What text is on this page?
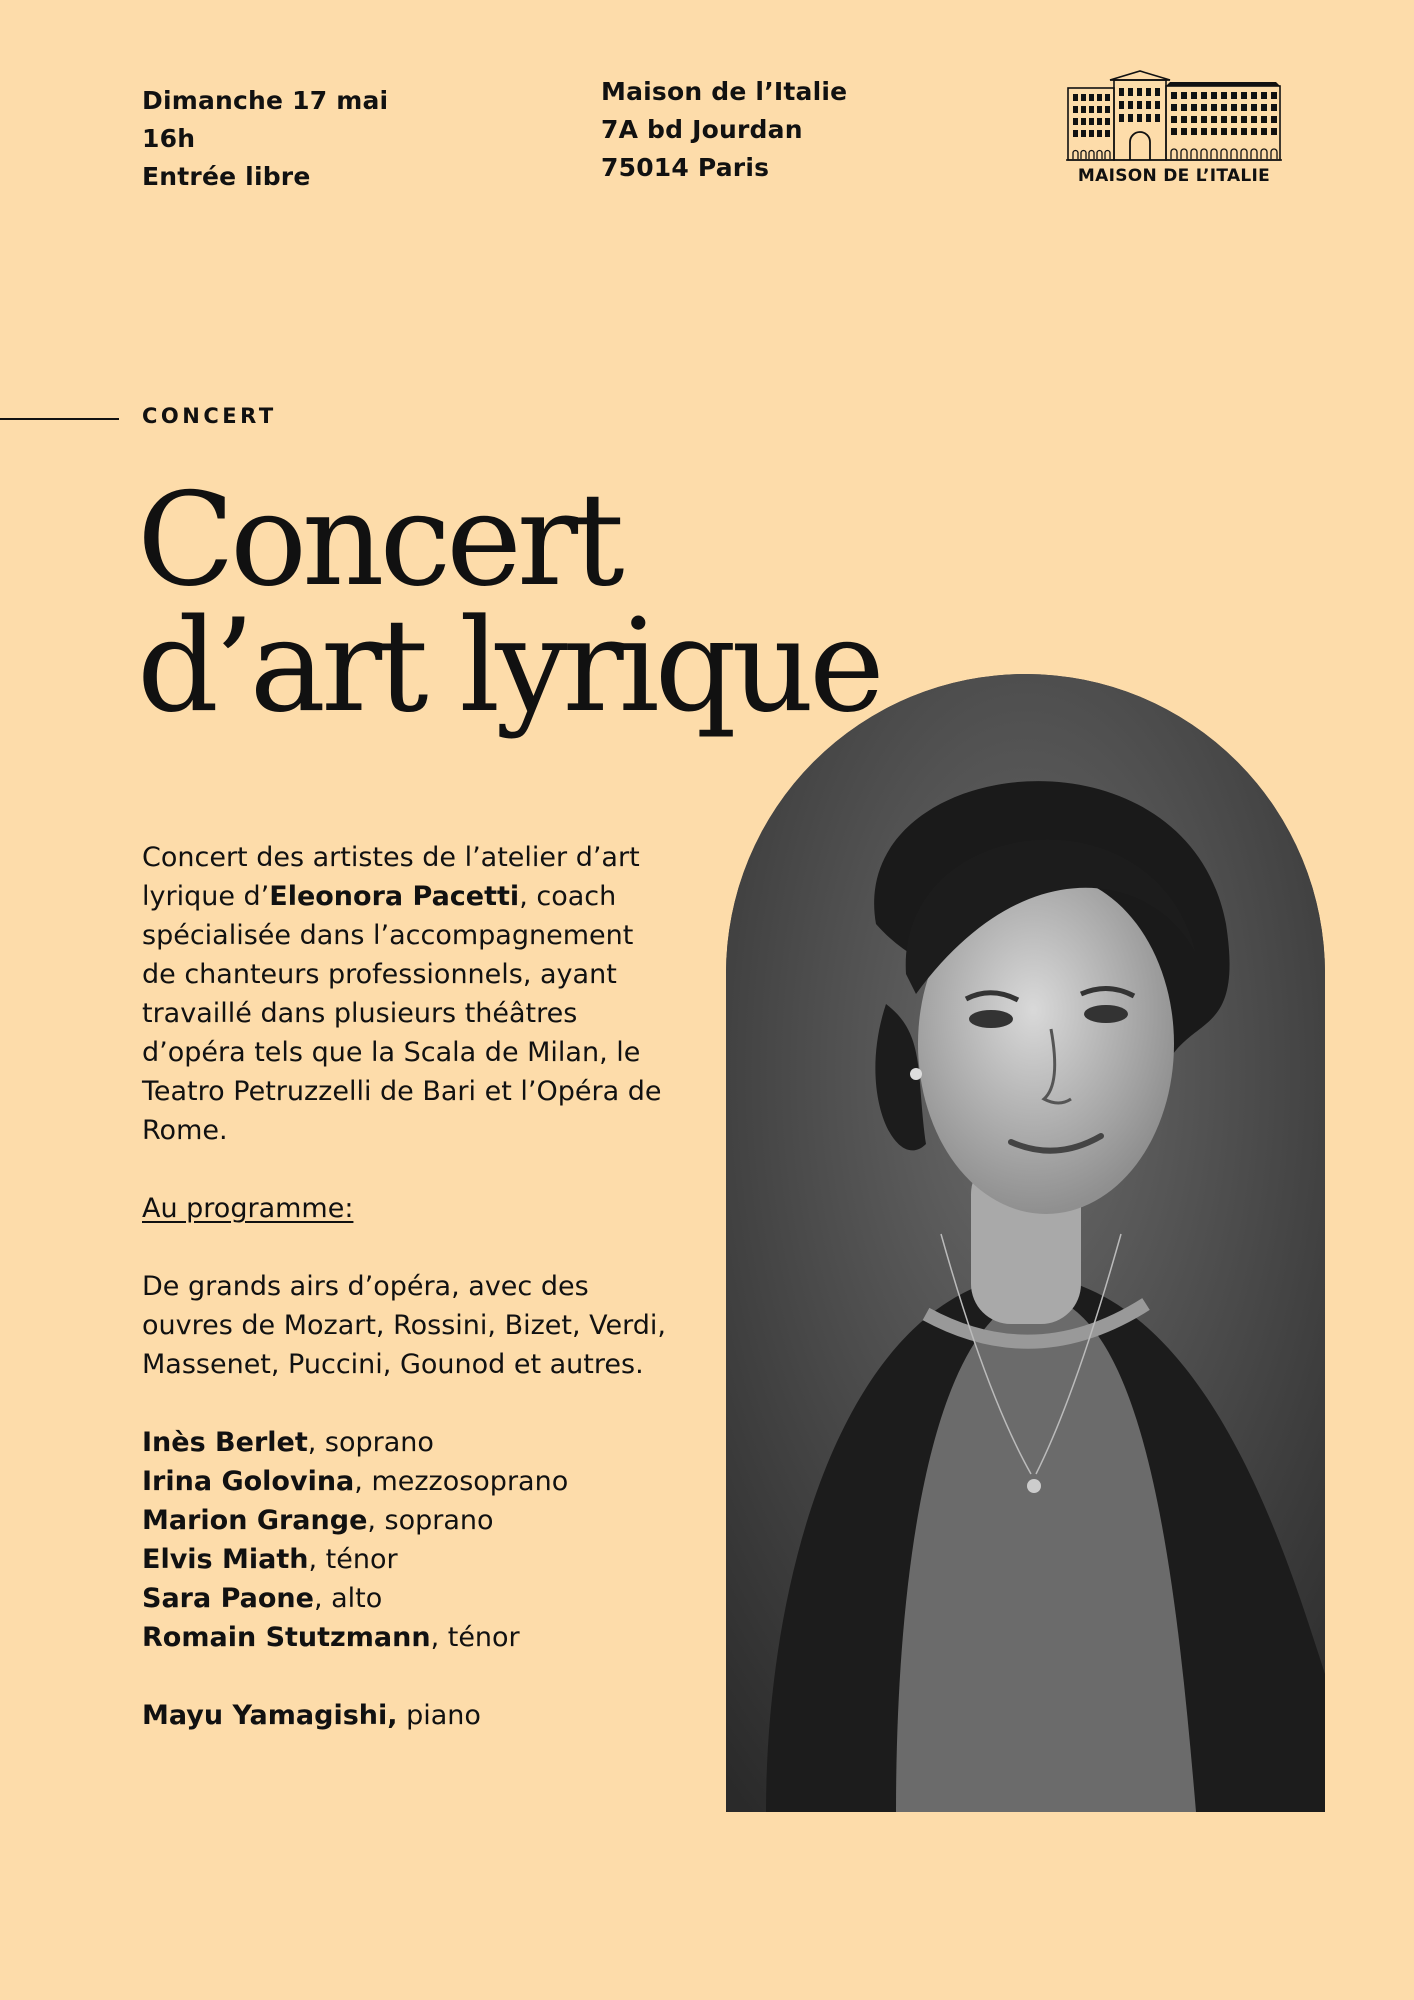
Dimanche 17 mai
16h
Entrée libre
Maison de l’Italie
7A bd Jourdan
75014 Paris	MAISON DE L’ITALIE
CONCERT
Concert
d’art lyrique

Concert des artistes de l’atelier d’art lyrique d’Eleonora Pacetti, coach spécialisée dans l’accompagnement de chanteurs professionnels, ayant travaillé dans plusieurs théâtres d’opéra tels que la Scala de Milan, le Teatro Petruzzelli de Bari et l’Opéra de Rome.

Au programme:

De grands airs d’opéra, avec des ouvres de Mozart, Rossini, Bizet, Verdi, Massenet, Puccini, Gounod et autres.

Inès Berlet, soprano

Irina Golovina, mezzosoprano

Marion Grange, soprano

Elvis Miath, ténor

Sara Paone, alto

Romain Stutzmann, ténor

Mayu Yamagishi, piano
